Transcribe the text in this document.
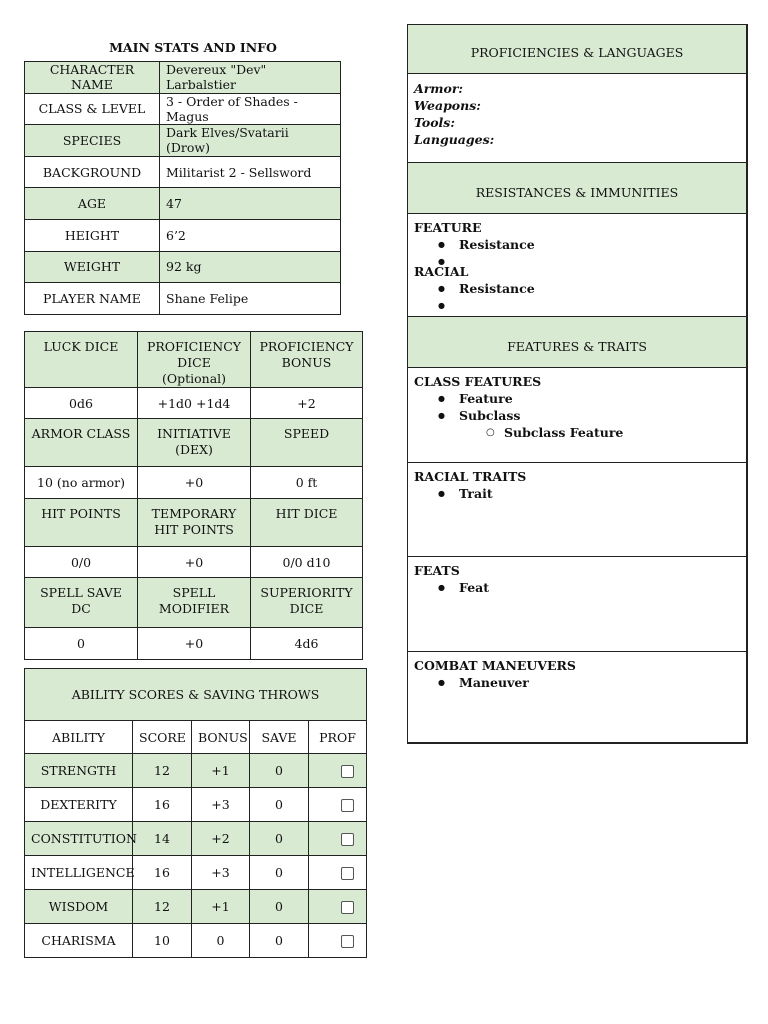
MAIN STATS AND INFO
CHARACTER NAME	Devereux "Dev" Larbalstier
CLASS & LEVEL	3 - Order of Shades - Magus
SPECIES	Dark Elves/Svatarii (Drow)
BACKGROUND	Militarist 2 - Sellsword
AGE	47
HEIGHT	6’2
WEIGHT	92 kg
PLAYER NAME	Shane Felipe
LUCK DICE	PROFICIENCY DICE (Optional)	PROFICIENCY BONUS
0d6	+1d0 +1d4	+2
ARMOR CLASS	INITIATIVE (DEX)	SPEED
10 (no armor)	+0	0 ft
HIT POINTS	TEMPORARY HIT POINTS	HIT DICE
0/0	+0	0/0 d10
SPELL SAVE DC	SPELL MODIFIER	SUPERIORITY DICE
0	+0	4d6
ABILITY SCORES & SAVING THROWS				
ABILITY	SCORE	BONUS	SAVE	PROF
STRENGTH	12	+1	0	
DEXTERITY	16	+3	0	
CONSTITUTION	14	+2	0	
INTELLIGENCE	16	+3	0	
WISDOM	12	+1	0	
CHARISMA	10	0	0	
PROFICIENCIES & LANGUAGES
Armor:
Weapons:
Tools:
Languages:
RESISTANCES & IMMUNITIES
FEATURE
● Resistance
●
RACIAL
● Resistance
●
FEATURES & TRAITS
CLASS FEATURES
● Feature
● Subclass
○ Subclass Feature
RACIAL TRAITS
● Trait
FEATS
● Feat
COMBAT MANEUVERS
● Maneuver
